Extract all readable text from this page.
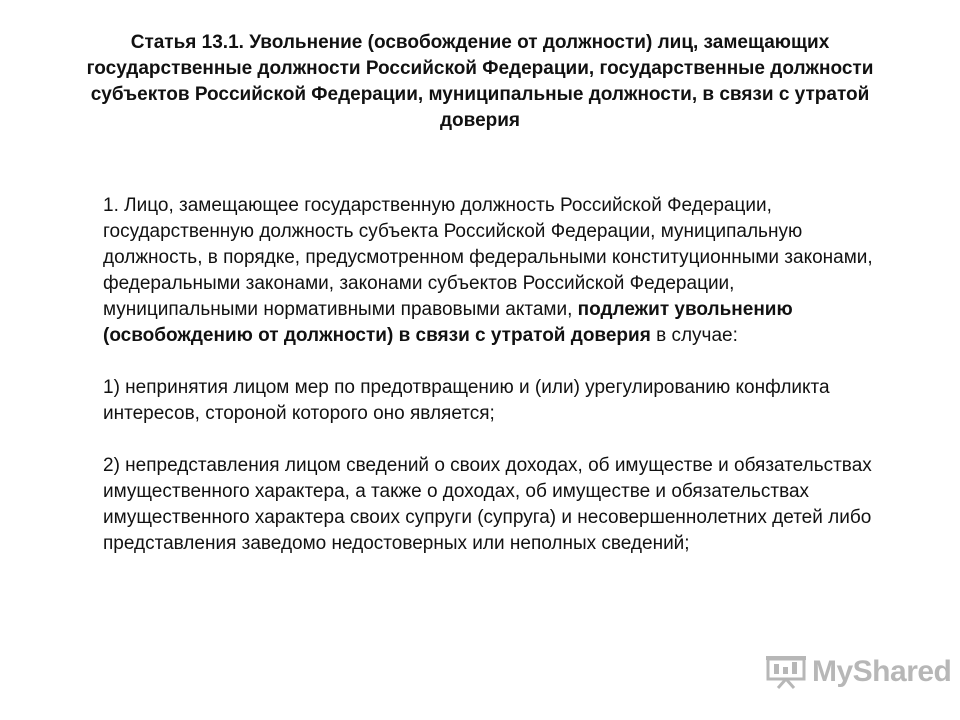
Статья 13.1. Увольнение (освобождение от должности) лиц, замещающих государственные должности Российской Федерации, государственные должности субъектов Российской Федерации, муниципальные должности, в связи с утратой доверия

1. Лицо, замещающее государственную должность Российской Федерации, государственную должность субъекта Российской Федерации, муниципальную должность, в порядке, предусмотренном федеральными конституционными законами, федеральными законами, законами субъектов Российской Федерации, муниципальными нормативными правовыми актами, подлежит увольнению (освобождению от должности) в связи с утратой доверия в случае:

1) непринятия лицом мер по предотвращению и (или) урегулированию конфликта интересов, стороной которого оно является;

2) непредставления лицом сведений о своих доходах, об имуществе и обязательствах имущественного характера, а также о доходах, об имуществе и обязательствах имущественного характера своих супруги (супруга) и несовершеннолетних детей либо представления заведомо недостоверных или неполных сведений;

MyShared
